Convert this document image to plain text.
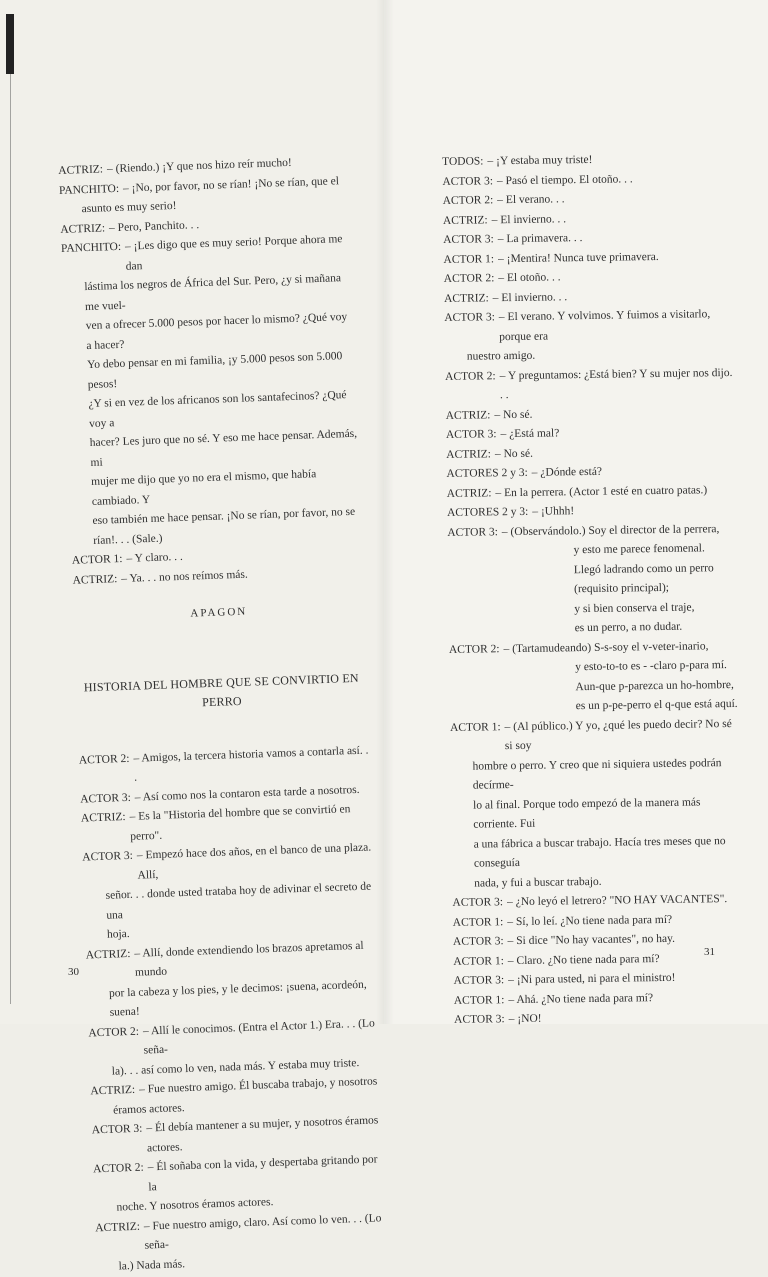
ACTRIZ: – (Riendo.) ¡Y que nos hizo reír mucho!
PANCHITO: – ¡No, por favor, no se rían! ¡No se rían, que el
asunto es muy serio!
ACTRIZ: – Pero, Panchito. . .
PANCHITO: – ¡Les digo que es muy serio! Porque ahora me dan
lástima los negros de África del Sur. Pero, ¿y si mañana me vuel-
ven a ofrecer 5.000 pesos por hacer lo mismo? ¿Qué voy a hacer?
Yo debo pensar en mi familia, ¡y 5.000 pesos son 5.000 pesos!
¿Y si en vez de los africanos son los santafecinos? ¿Qué voy a
hacer? Les juro que no sé. Y eso me hace pensar. Además, mi
mujer me dijo que yo no era el mismo, que había cambiado. Y
eso también me hace pensar. ¡No se rían, por favor, no se
rían!. . . (Sale.)
ACTOR 1: – Y claro. . .
ACTRIZ: – Ya. . . no nos reímos más.
APAGON
HISTORIA DEL HOMBRE QUE SE CONVIRTIO EN PERRO
ACTOR 2: – Amigos, la tercera historia vamos a contarla así. . .
ACTOR 3: – Así como nos la contaron esta tarde a nosotros.
ACTRIZ: – Es la "Historia del hombre que se convirtió en perro".
ACTOR 3: – Empezó hace dos años, en el banco de una plaza. Allí,
señor. . . donde usted trataba hoy de adivinar el secreto de una
hoja.
ACTRIZ: – Allí, donde extendiendo los brazos apretamos al mundo
por la cabeza y los pies, y le decimos: ¡suena, acordeón, suena!
ACTOR 2: – Allí le conocimos. (Entra el Actor 1.) Era. . . (Lo seña-
la). . . así como lo ven, nada más. Y estaba muy triste.
ACTRIZ: – Fue nuestro amigo. Él buscaba trabajo, y nosotros
éramos actores.
ACTOR 3: – Él debía mantener a su mujer, y nosotros éramos actores.
ACTOR 2: – Él soñaba con la vida, y despertaba gritando por la
noche. Y nosotros éramos actores.
ACTRIZ: – Fue nuestro amigo, claro. Así como lo ven. . . (Lo seña-
la.) Nada más.
TODOS: – ¡Y estaba muy triste!
ACTOR 3: – Pasó el tiempo. El otoño. . .
ACTOR 2: – El verano. . .
ACTRIZ: – El invierno. . .
ACTOR 3: – La primavera. . .
ACTOR 1: – ¡Mentira! Nunca tuve primavera.
ACTOR 2: – El otoño. . .
ACTRIZ: – El invierno. . .
ACTOR 3: – El verano. Y volvimos. Y fuimos a visitarlo, porque era
nuestro amigo.
ACTOR 2: – Y preguntamos: ¿Está bien? Y su mujer nos dijo. . .
ACTRIZ: – No sé.
ACTOR 3: – ¿Está mal?
ACTRIZ: – No sé.
ACTORES 2 y 3: – ¿Dónde está?
ACTRIZ: – En la perrera. (Actor 1 esté en cuatro patas.)
ACTORES 2 y 3: – ¡Uhhh!
ACTOR 3: – (Observándolo.) Soy el director de la perrera,
y esto me parece fenomenal.
Llegó ladrando como un perro
(requisito principal);
y si bien conserva el traje,
es un perro, a no dudar.
ACTOR 2: – (Tartamudeando) S-s-soy el v-veter-inario,
y esto-to-to es - -claro p-para mí.
Aun-que p-parezca un ho-hombre,
es un p-pe-perro el q-que está aquí.
ACTOR 1: – (Al público.) Y yo, ¿qué les puedo decir? No sé si soy
hombre o perro. Y creo que ni siquiera ustedes podrán decírme-
lo al final. Porque todo empezó de la manera más corriente. Fui
a una fábrica a buscar trabajo. Hacía tres meses que no conseguía
nada, y fui a buscar trabajo.
ACTOR 3: – ¿No leyó el letrero? "NO HAY VACANTES".
ACTOR 1: – Sí, lo leí. ¿No tiene nada para mí?
ACTOR 3: – Si dice "No hay vacantes", no hay.
ACTOR 1: – Claro. ¿No tiene nada para mí?
ACTOR 3: – ¡Ni para usted, ni para el ministro!
ACTOR 1: – Ahá. ¿No tiene nada para mí?
ACTOR 3: – ¡NO!
30
31
